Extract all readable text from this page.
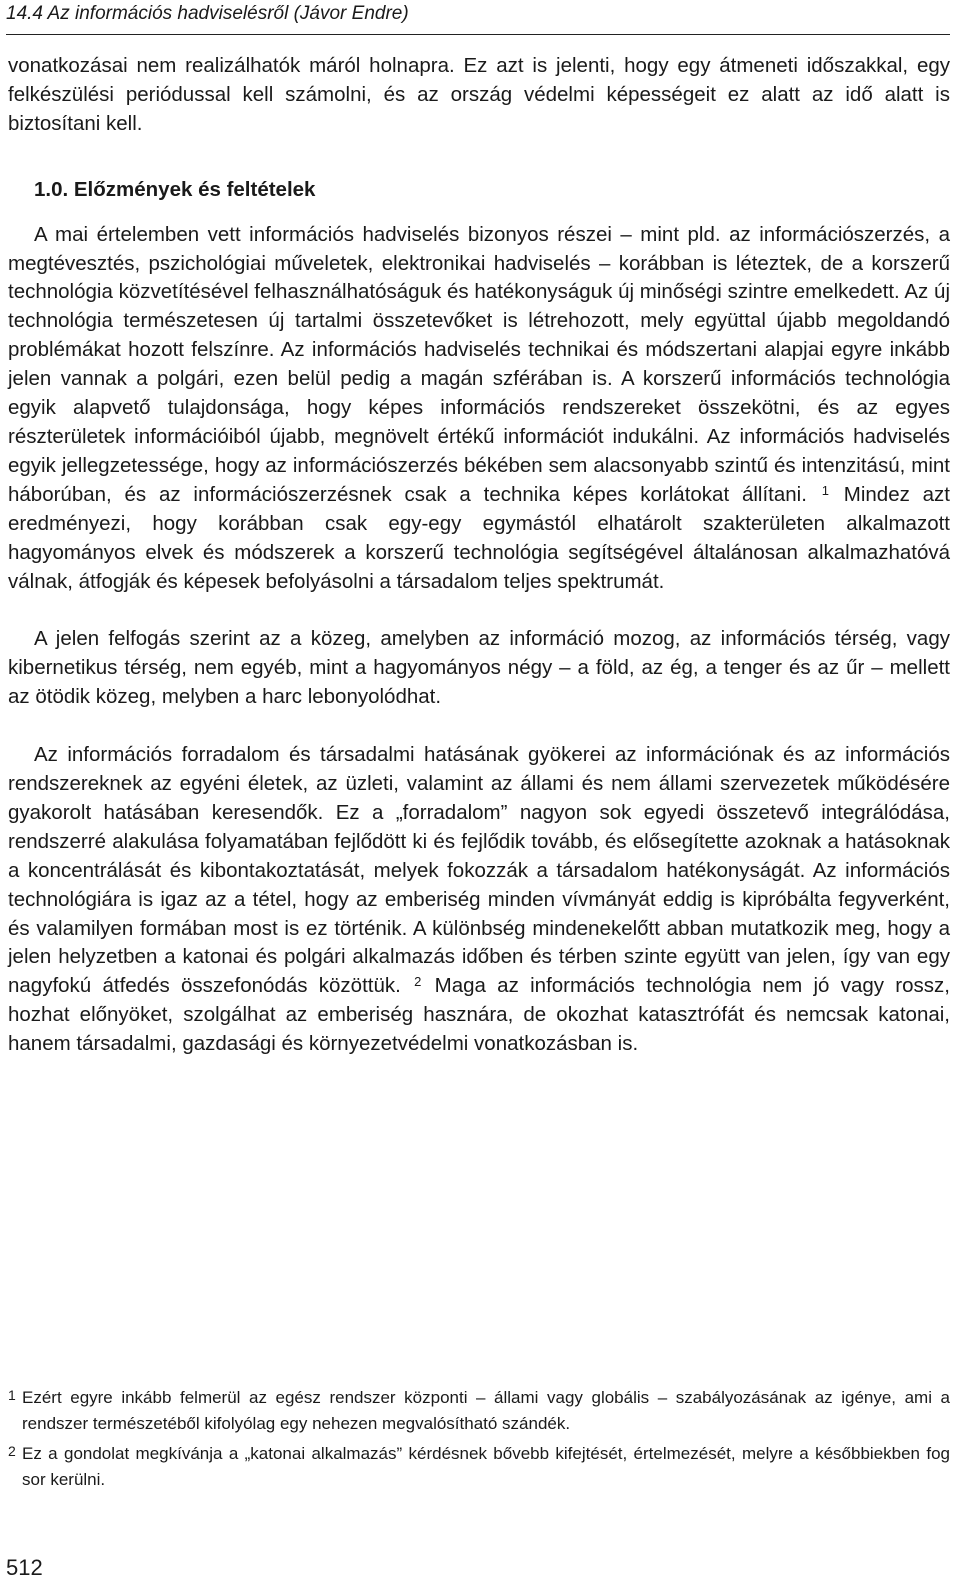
14.4 Az információs hadviselésről (Jávor Endre)

vonatkozásai nem realizálhatók máról holnapra. Ez azt is jelenti, hogy egy átmeneti időszakkal, egy felkészülési periódussal kell számolni, és az ország védelmi képességeit ez alatt az idő alatt is biztosítani kell.

1.0. Előzmények és feltételek

A mai értelemben vett információs hadviselés bizonyos részei – mint pld. az információszerzés, a megtévesztés, pszichológiai műveletek, elektronikai hadviselés – korábban is léteztek, de a korszerű technológia közvetítésével felhasználhatóságuk és hatékonyságuk új minőségi szintre emelkedett. Az új technológia természetesen új tartalmi összetevőket is létrehozott, mely együttal újabb megoldandó problémákat hozott felszínre. Az információs hadviselés technikai és módszertani alapjai egyre inkább jelen vannak a polgári, ezen belül pedig a magán szférában is. A korszerű információs technológia egyik alapvető tulajdonsága, hogy képes információs rendszereket összekötni, és az egyes részterületek információiból újabb, megnövelt értékű információt indukálni. Az információs hadviselés egyik jellegzetessége, hogy az információszerzés békében sem alacsonyabb szintű és intenzitású, mint háborúban, és az információszerzésnek csak a technika képes korlátokat állítani. $^1$ Mindez azt eredményezi, hogy korábban csak egy-egy egymástól elhatárolt szakterületen alkalmazott hagyományos elvek és módszerek a korszerű technológia segítségével általánosan alkalmazhatóvá válnak, átfogják és képesek befolyásolni a társadalom teljes spektrumát.

A jelen felfogás szerint az a közeg, amelyben az információ mozog, az információs térség, vagy kibernetikus térség, nem egyéb, mint a hagyományos négy – a föld, az ég, a tenger és az űr – mellett az ötödik közeg, melyben a harc lebonyolódhat.

Az információs forradalom és társadalmi hatásának gyökerei az információnak és az információs rendszereknek az egyéni életek, az üzleti, valamint az állami és nem állami szervezetek működésére gyakorolt hatásában keresendők. Ez a „forradalom” nagyon sok egyedi összetevő integrálódása, rendszerré alakulása folyamatában fejlődött ki és fejlődik tovább, és elősegítette azoknak a hatásoknak a koncentrálását és kibontakoztatását, melyek fokozzák a társadalom hatékonyságát. Az információs technológiára is igaz az a tétel, hogy az emberiség minden vívmányát eddig is kipróbálta fegyverként, és valamilyen formában most is ez történik. A különbség mindenekelőtt abban mutatkozik meg, hogy a jelen helyzetben a katonai és polgári alkalmazás időben és térben szinte együtt van jelen, így van egy nagyfokú átfedés összefonódás közöttük. $^2$ Maga az információs technológia nem jó vagy rossz, hozhat előnyöket, szolgálhat az emberiség hasznára, de okozhat katasztrófát és nemcsak katonai, hanem társadalmi, gazdasági és környezetvédelmi vonatkozásban is.

1 Ezért egyre inkább felmerül az egész rendszer központi – állami vagy globális – szabályozásának az igénye, ami a rendszer természetéből kifolyólag egy nehezen megvalósítható szándék.

2 Ez a gondolat megkívánja a „katonai alkalmazás” kérdésnek bővebb kifejtését, értelmezését, melyre a későbbiekben fog sor kerülni.

512
